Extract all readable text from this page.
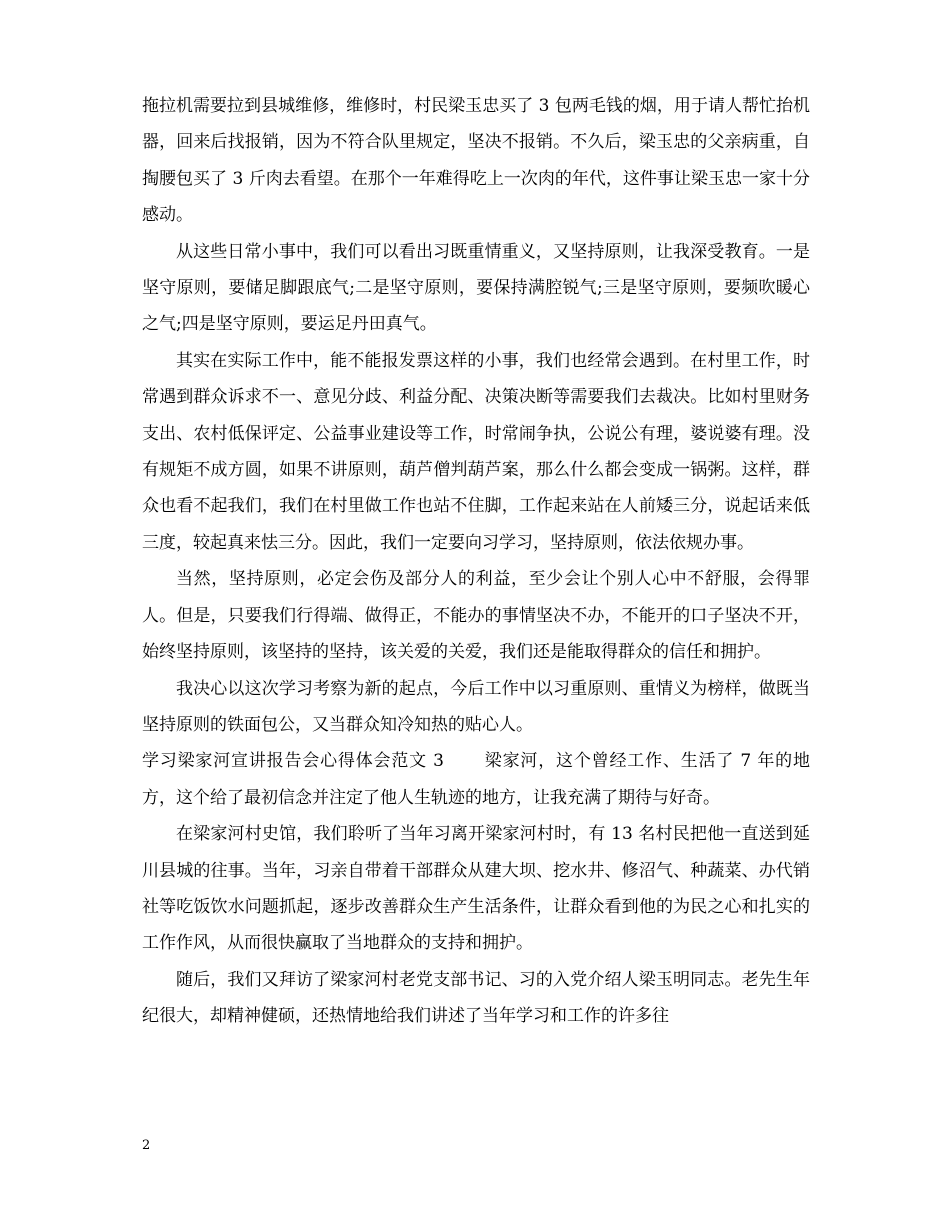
拖拉机需要拉到县城维修，维修时，村民梁玉忠买了 3 包两毛钱的烟，用于请人帮忙抬机器，回来后找报销，因为不符合队里规定，坚决不报销。不久后，梁玉忠的父亲病重，自掏腰包买了 3 斤肉去看望。在那个一年难得吃上一次肉的年代，这件事让梁玉忠一家十分感动。

从这些日常小事中，我们可以看出习既重情重义，又坚持原则，让我深受教育。一是坚守原则，要储足脚跟底气;二是坚守原则，要保持满腔锐气;三是坚守原则，要频吹暖心之气;四是坚守原则，要运足丹田真气。

其实在实际工作中，能不能报发票这样的小事，我们也经常会遇到。在村里工作，时常遇到群众诉求不一、意见分歧、利益分配、决策决断等需要我们去裁决。比如村里财务支出、农村低保评定、公益事业建设等工作，时常闹争执，公说公有理，婆说婆有理。没有规矩不成方圆，如果不讲原则，葫芦僧判葫芦案，那么什么都会变成一锅粥。这样，群众也看不起我们，我们在村里做工作也站不住脚，工作起来站在人前矮三分，说起话来低三度，较起真来怯三分。因此，我们一定要向习学习，坚持原则，依法依规办事。

当然，坚持原则，必定会伤及部分人的利益，至少会让个别人心中不舒服，会得罪人。但是，只要我们行得端、做得正，不能办的事情坚决不办，不能开的口子坚决不开，始终坚持原则，该坚持的坚持，该关爱的关爱，我们还是能取得群众的信任和拥护。

我决心以这次学习考察为新的起点，今后工作中以习重原则、重情义为榜样，做既当坚持原则的铁面包公，又当群众知冷知热的贴心人。

学习梁家河宣讲报告会心得体会范文 3 梁家河，这个曾经工作、生活了 7 年的地方，这个给了最初信念并注定了他人生轨迹的地方，让我充满了期待与好奇。

在梁家河村史馆，我们聆听了当年习离开梁家河村时，有 13 名村民把他一直送到延川县城的往事。当年，习亲自带着干部群众从建大坝、挖水井、修沼气、种蔬菜、办代销社等吃饭饮水问题抓起，逐步改善群众生产生活条件，让群众看到他的为民之心和扎实的工作作风，从而很快赢取了当地群众的支持和拥护。

随后，我们又拜访了梁家河村老党支部书记、习的入党介绍人梁玉明同志。老先生年纪很大，却精神健硕，还热情地给我们讲述了当年学习和工作的许多往

2
